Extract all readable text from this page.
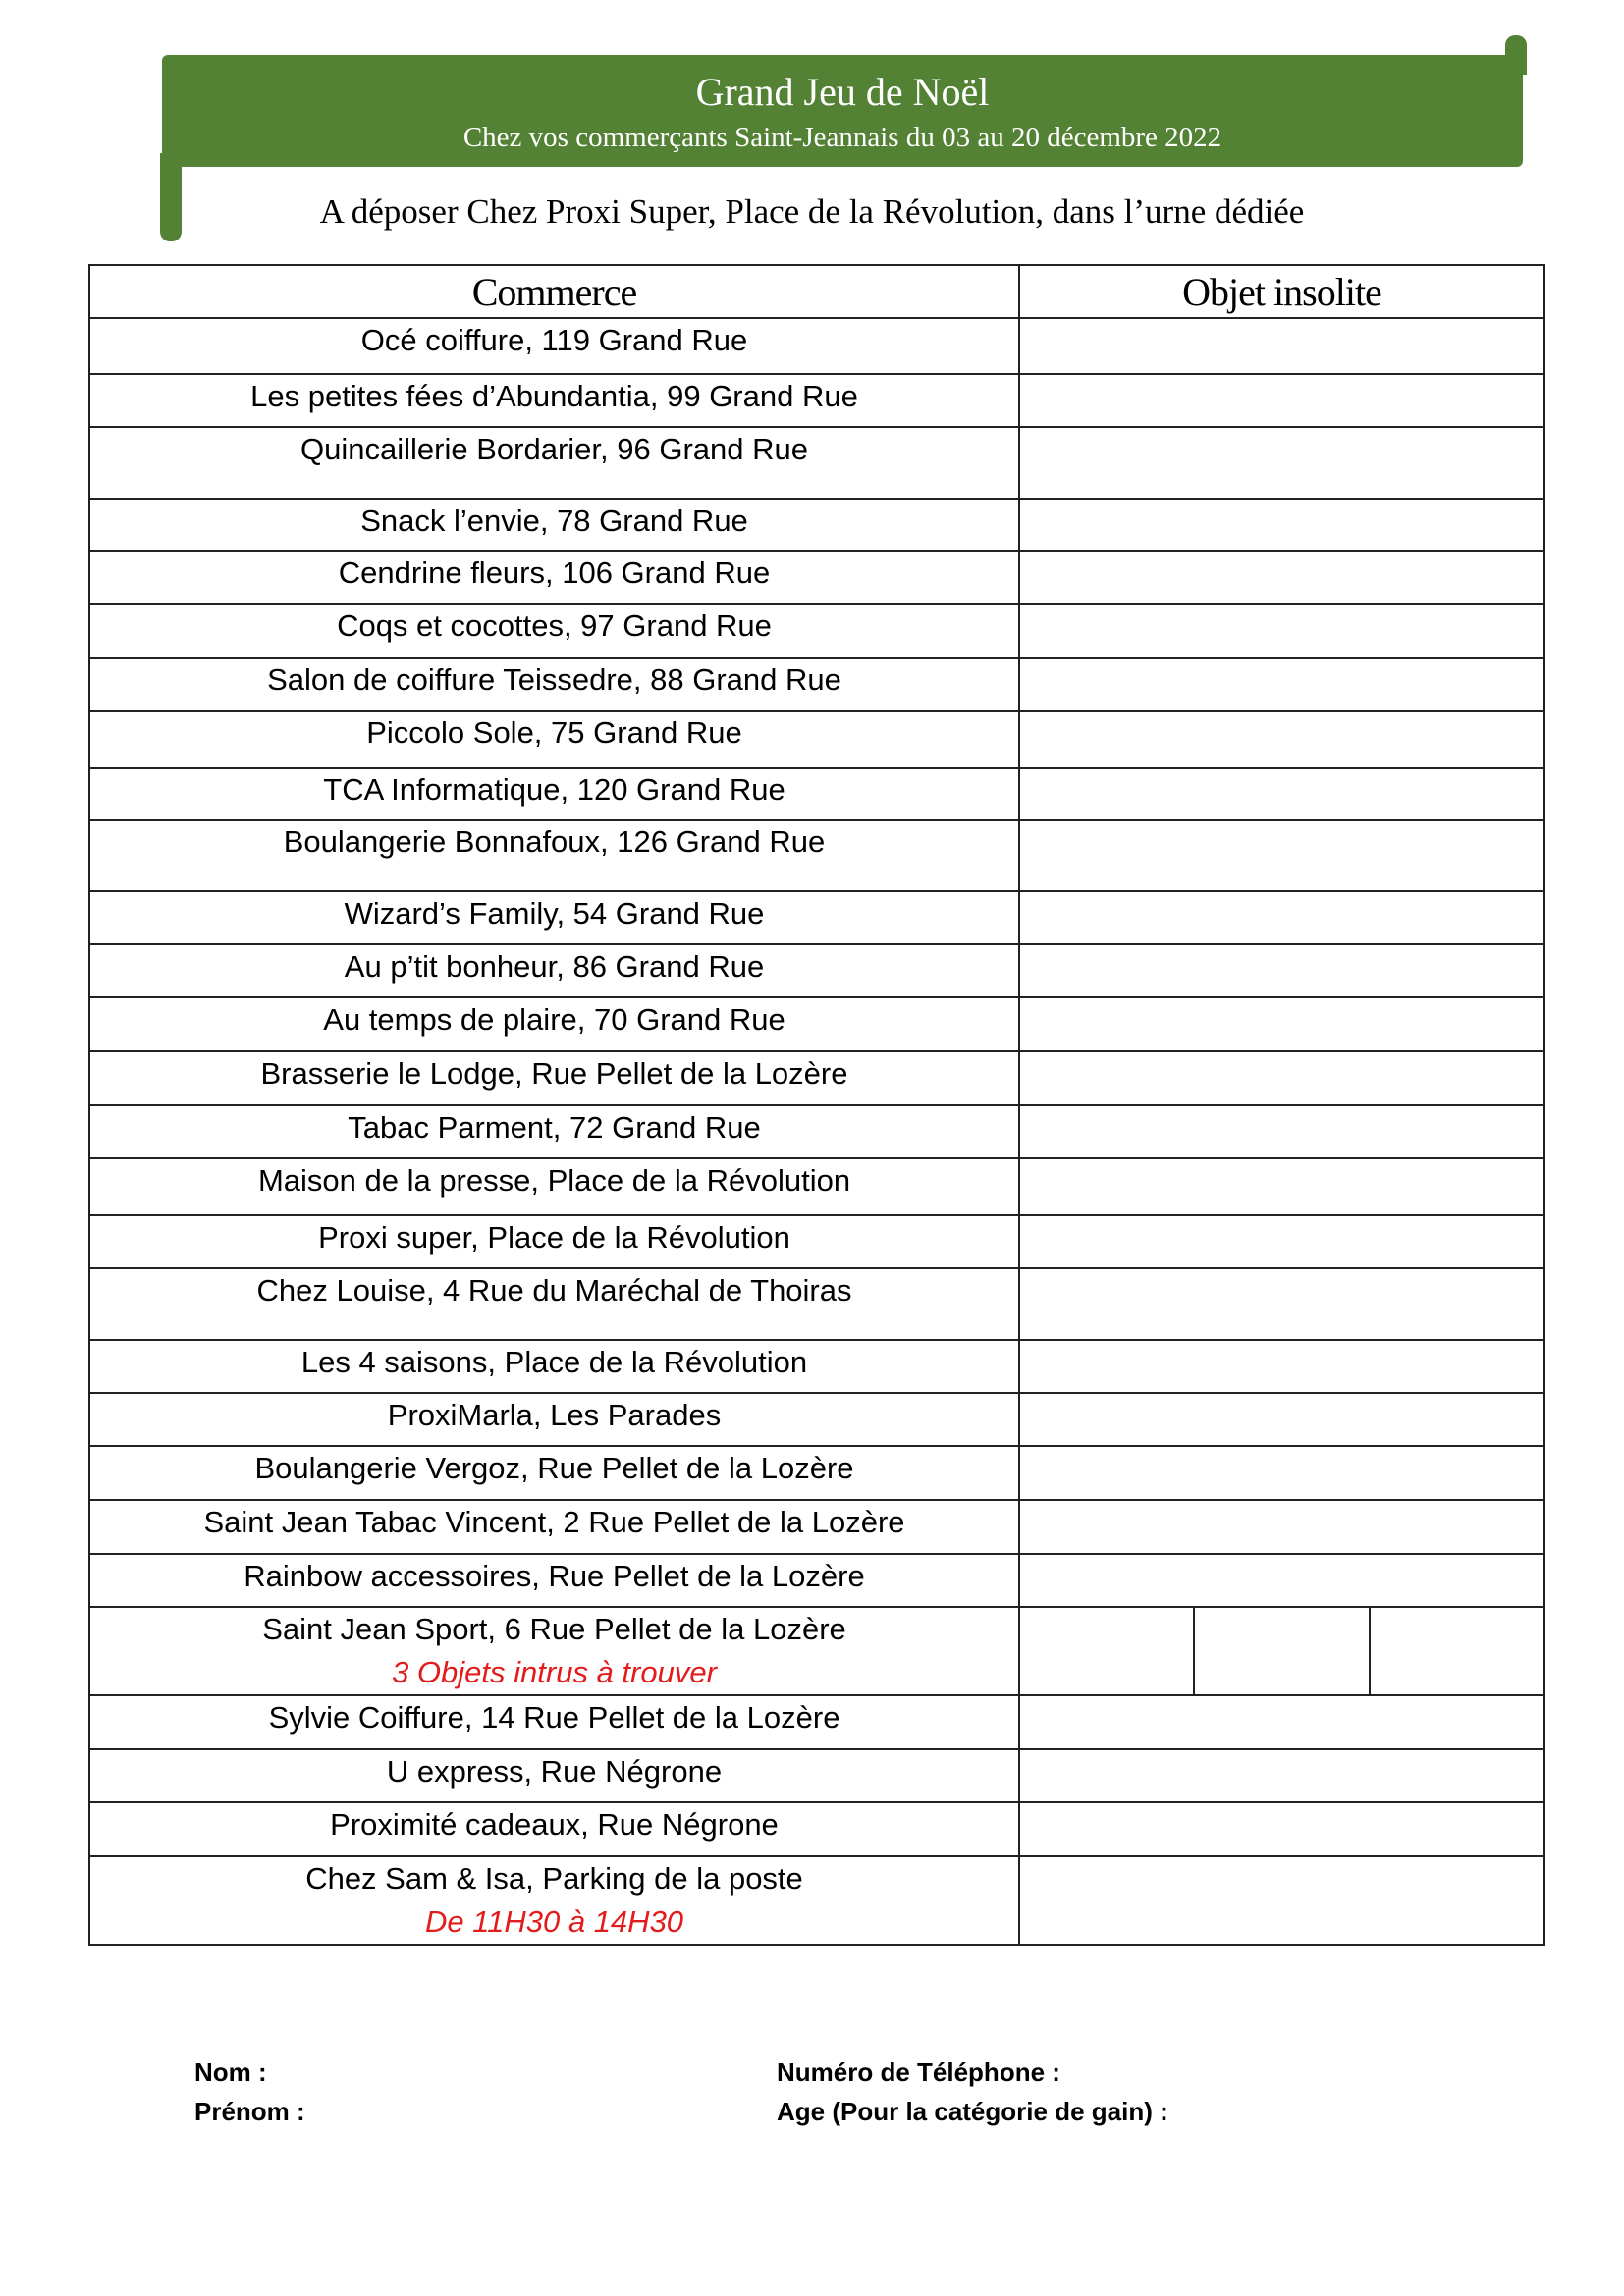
Grand Jeu de Noël
Chez vos commerçants Saint-Jeannais du 03 au 20 décembre 2022
A déposer Chez Proxi Super, Place de la Révolution, dans l’urne dédiée
Commerce	Objet insolite		
Océ coiffure, 119 Grand Rue			
Les petites fées d’Abundantia, 99 Grand Rue			
Quincaillerie Bordarier, 96 Grand Rue			
Snack l’envie, 78 Grand Rue			
Cendrine fleurs, 106 Grand Rue			
Coqs et cocottes, 97 Grand Rue			
Salon de coiffure Teissedre, 88 Grand Rue			
Piccolo Sole, 75 Grand Rue			
TCA Informatique, 120 Grand Rue			
Boulangerie Bonnafoux, 126 Grand Rue			
Wizard’s Family, 54 Grand Rue			
Au p’tit bonheur, 86 Grand Rue			
Au temps de plaire, 70 Grand Rue			
Brasserie le Lodge, Rue Pellet de la Lozère			
Tabac Parment, 72 Grand Rue			
Maison de la presse, Place de la Révolution			
Proxi super, Place de la Révolution			
Chez Louise, 4 Rue du Maréchal de Thoiras			
Les 4 saisons, Place de la Révolution			
ProxiMarla, Les Parades			
Boulangerie Vergoz, Rue Pellet de la Lozère			
Saint Jean Tabac Vincent, 2 Rue Pellet de la Lozère			
Rainbow accessoires, Rue Pellet de la Lozère			
Saint Jean Sport, 6 Rue Pellet de la Lozère
3 Objets intrus à trouver			

Sylvie Coiffure, 14 Rue Pellet de la Lozère			
U express, Rue Négrone			
Proximité cadeaux, Rue Négrone			
Chez Sam & Isa, Parking de la poste
De 11H30 à 14H30			

Nom :
Prénom :
Numéro de Téléphone :
Age (Pour la catégorie de gain) :
